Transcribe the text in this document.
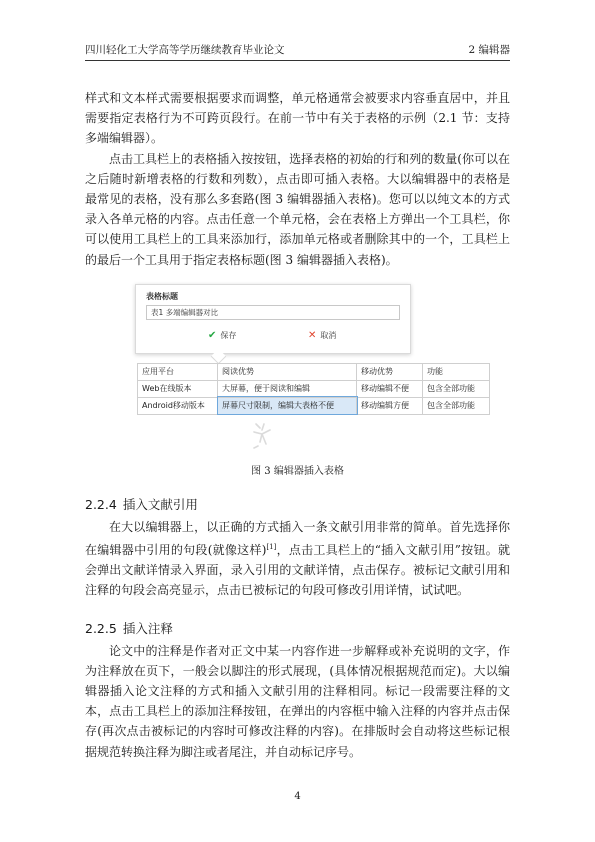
四川轻化工大学高等学历继续教育毕业论文	2 编辑器

样式和文本样式需要根据要求而调整，单元格通常会被要求内容垂直居中，并且需要指定表格行为不可跨页段行。在前一节中有关于表格的示例（2.1 节：支持多端编辑器）。

点击工具栏上的表格插入按按钮，选择表格的初始的行和列的数量(你可以在之后随时新增表格的行数和列数），点击即可插入表格。大以编辑器中的表格是最常见的表格，没有那么多套路(图 3 编辑器插入表格)。您可以以纯文本的方式录入各单元格的内容。点击任意一个单元格，会在表格上方弹出一个工具栏，你可以使用工具栏上的工具来添加行，添加单元格或者删除其中的一个，工具栏上的最后一个工具用于指定表格标题(图 3 编辑器插入表格)。

表格标题
表1 多端编辑器对比
✔ 保存	✕ 取消
应用平台	阅读优势	移动优势	功能
Web在线版本	大屏幕，便于阅读和编辑	移动编辑不便	包含全部功能
Android移动版本	屏幕尺寸限制，编辑大表格不便	移动编辑方便	包含全部功能
图 3 编辑器插入表格
2.2.4 插入文献引用

在大以编辑器上，以正确的方式插入一条文献引用非常的简单。首先选择你在编辑器中引用的句段(就像这样)[1]，点击工具栏上的“插入文献引用”按钮。就会弹出文献详情录入界面，录入引用的文献详情，点击保存。被标记文献引用和注释的句段会高亮显示，点击已被标记的句段可修改引用详情，试试吧。

2.2.5 插入注释

论文中的注释是作者对正文中某一内容作进一步解释或补充说明的文字，作为注释放在页下，一般会以脚注的形式展现，(具体情况根据规范而定)。大以编辑器插入论文注释的方式和插入文献引用的注释相同。标记一段需要注释的文本，点击工具栏上的添加注释按钮，在弹出的内容框中输入注释的内容并点击保存(再次点击被标记的内容时可修改注释的内容)。在排版时会自动将这些标记根据规范转换注释为脚注或者尾注，并自动标记序号。

4
